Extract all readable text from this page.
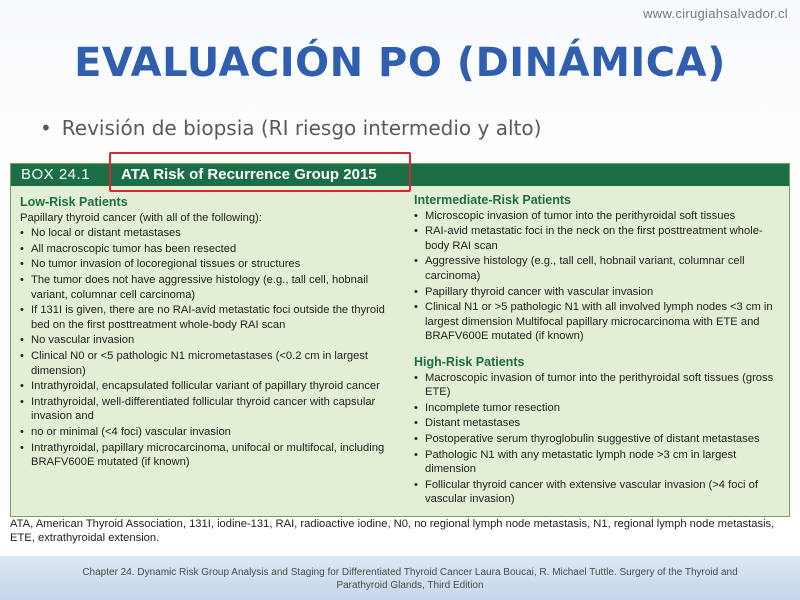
www.cirugiahsalvador.cl
EVALUACIÓN PO (DINÁMICA)
• Revisión de biopsia (RI riesgo intermedio y alto)
BOX 24.1 ATA Risk of Recurrence Group 2015
Low-Risk Patients
Papillary thyroid cancer (with all of the following):
• No local or distant metastases
• All macroscopic tumor has been resected
• No tumor invasion of locoregional tissues or structures
• The tumor does not have aggressive histology (e.g., tall cell, hobnail variant, columnar cell carcinoma)
• If 131I is given, there are no RAI-avid metastatic foci outside the thyroid bed on the first posttreatment whole-body RAI scan
• No vascular invasion
• Clinical N0 or <5 pathologic N1 micrometastases (<0.2 cm in largest dimension)
• Intrathyroidal, encapsulated follicular variant of papillary thyroid cancer
• Intrathyroidal, well-differentiated follicular thyroid cancer with capsular invasion and
• no or minimal (<4 foci) vascular invasion
• Intrathyroidal, papillary microcarcinoma, unifocal or multifocal, including BRAFV600E mutated (if known)
Intermediate-Risk Patients
• Microscopic invasion of tumor into the perithyroidal soft tissues
• RAI-avid metastatic foci in the neck on the first posttreatment whole-body RAI scan
• Aggressive histology (e.g., tall cell, hobnail variant, columnar cell carcinoma)
• Papillary thyroid cancer with vascular invasion
• Clinical N1 or >5 pathologic N1 with all involved lymph nodes <3 cm in largest dimension Multifocal papillary microcarcinoma with ETE and BRAFV600E mutated (if known)
High-Risk Patients
• Macroscopic invasion of tumor into the perithyroidal soft tissues (gross ETE)
• Incomplete tumor resection
• Distant metastases
• Postoperative serum thyroglobulin suggestive of distant metastases
• Pathologic N1 with any metastatic lymph node >3 cm in largest dimension
• Follicular thyroid cancer with extensive vascular invasion (>4 foci of vascular invasion)
ATA, American Thyroid Association, 131I, iodine-131, RAI, radioactive iodine, N0, no regional lymph node metastasis, N1, regional lymph node metastasis, ETE, extrathyroidal extension.
Chapter 24. Dynamic Risk Group Analysis and Staging for Differentiated Thyroid Cancer Laura Boucai, R. Michael Tuttle. Surgery of the Thyroid and Parathyroid Glands, Third Edition
